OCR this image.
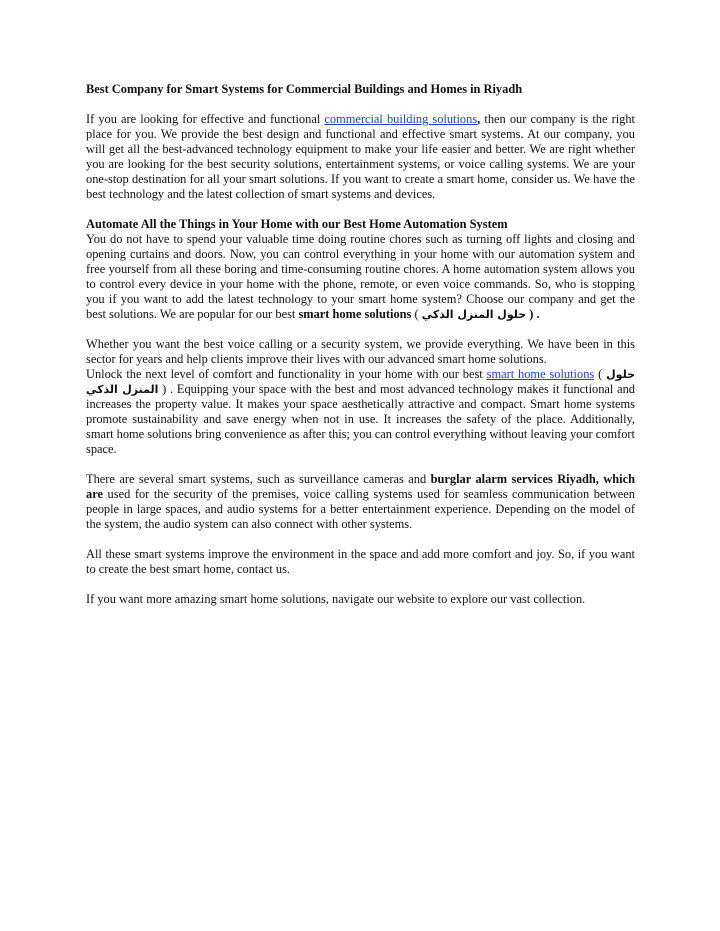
Best Company for Smart Systems for Commercial Buildings and Homes in Riyadh

If you are looking for effective and functional commercial building solutions, then our company is the right place for you. We provide the best design and functional and effective smart systems. At our company, you will get all the best-advanced technology equipment to make your life easier and better. We are right whether you are looking for the best security solutions, entertainment systems, or voice calling systems. We are your one-stop destination for all your smart solutions. If you want to create a smart home, consider us. We have the best technology and the latest collection of smart systems and devices.

Automate All the Things in Your Home with our Best Home Automation System

You do not have to spend your valuable time doing routine chores such as turning off lights and closing and opening curtains and doors. Now, you can control everything in your home with our automation system and free yourself from all these boring and time-consuming routine chores. A home automation system allows you to control every device in your home with the phone, remote, or even voice commands. So, who is stopping you if you want to add the latest technology to your smart home system? Choose our company and get the best solutions. We are popular for our best smart home solutions ( حلول المنزل الذكي ) .

Whether you want the best voice calling or a security system, we provide everything. We have been in this sector for years and help clients improve their lives with our advanced smart home solutions.

Unlock the next level of comfort and functionality in your home with our best smart home solutions ( حلول المنزل الذكي ) . Equipping your space with the best and most advanced technology makes it functional and increases the property value. It makes your space aesthetically attractive and compact. Smart home systems promote sustainability and save energy when not in use. It increases the safety of the place. Additionally, smart home solutions bring convenience as after this; you can control everything without leaving your comfort space.

There are several smart systems, such as surveillance cameras and burglar alarm services Riyadh, which are used for the security of the premises, voice calling systems used for seamless communication between people in large spaces, and audio systems for a better entertainment experience. Depending on the model of the system, the audio system can also connect with other systems.

All these smart systems improve the environment in the space and add more comfort and joy. So, if you want to create the best smart home, contact us.

If you want more amazing smart home solutions, navigate our website to explore our vast collection.
